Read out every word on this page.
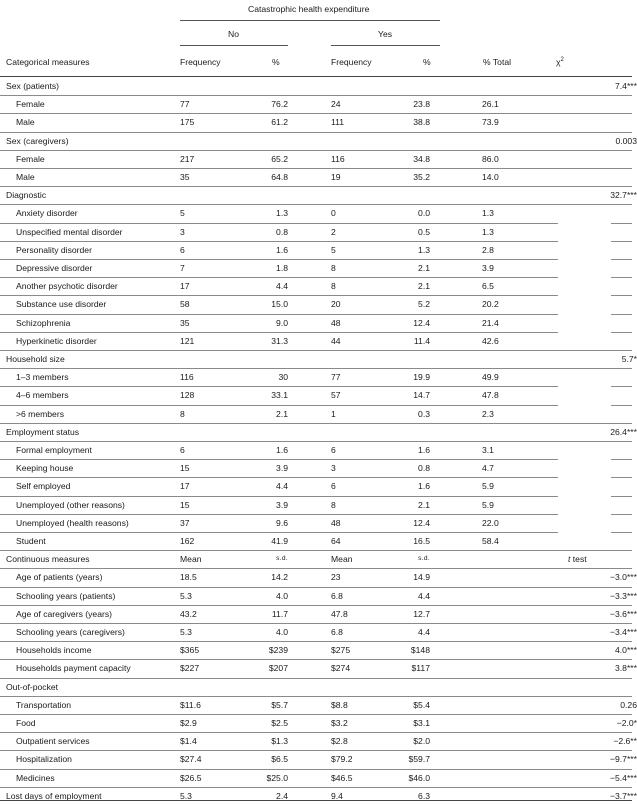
Catastrophic health expenditure
No	Yes
Categorical measures	Frequency	%	Frequency	%	% Total	$\chi^2$
Sex (patients)	7.4***
Female	77	76.2	24	23.8	26.1
Male	175	61.2	111	38.8	73.9
Sex (caregivers)	0.003
Female	217	65.2	116	34.8	86.0
Male	35	64.8	19	35.2	14.0
Diagnostic	32.7***
Anxiety disorder	5	1.3	0	0.0	1.3
Unspecified mental disorder	3	0.8	2	0.5	1.3
Personality disorder	6	1.6	5	1.3	2.8
Depressive disorder	7	1.8	8	2.1	3.9
Another psychotic disorder	17	4.4	8	2.1	6.5
Substance use disorder	58	15.0	20	5.2	20.2
Schizophrenia	35	9.0	48	12.4	21.4
Hyperkinetic disorder	121	31.3	44	11.4	42.6
Household size	5.7*
1–3 members	116	30	77	19.9	49.9
4–6 members	128	33.1	57	14.7	47.8
>6 members	8	2.1	1	0.3	2.3
Employment status	26.4***
Formal employment	6	1.6	6	1.6	3.1
Keeping house	15	3.9	3	0.8	4.7
Self employed	17	4.4	6	1.6	5.9
Unemployed (other reasons)	15	3.9	8	2.1	5.9
Unemployed (health reasons)	37	9.6	48	12.4	22.0
Student	162	41.9	64	16.5	58.4
Continuous measures	Mean	s.d.	Mean	s.d.	t test
Age of patients (years)	18.5	14.2	23	14.9	−3.0***
Schooling years (patients)	5.3	4.0	6.8	4.4	−3.3***
Age of caregivers (years)	43.2	11.7	47.8	12.7	−3.6***
Schooling years (caregivers)	5.3	4.0	6.8	4.4	−3.4***
Households income	$365	$239	$275	$148	4.0***
Households payment capacity	$227	$207	$274	$117	3.8***
Out-of-pocket
Transportation	$11.6	$5.7	$8.8	$5.4	0.26
Food	$2.9	$2.5	$3.2	$3.1	−2.0*
Outpatient services	$1.4	$1.3	$2.8	$2.0	−2.6**
Hospitalization	$27.4	$6.5	$79.2	$59.7	−9.7***
Medicines	$26.5	$25.0	$46.5	$46.0	−5.4***
Lost days of employment	5.3	2.4	9.4	6.3	−3.7***
